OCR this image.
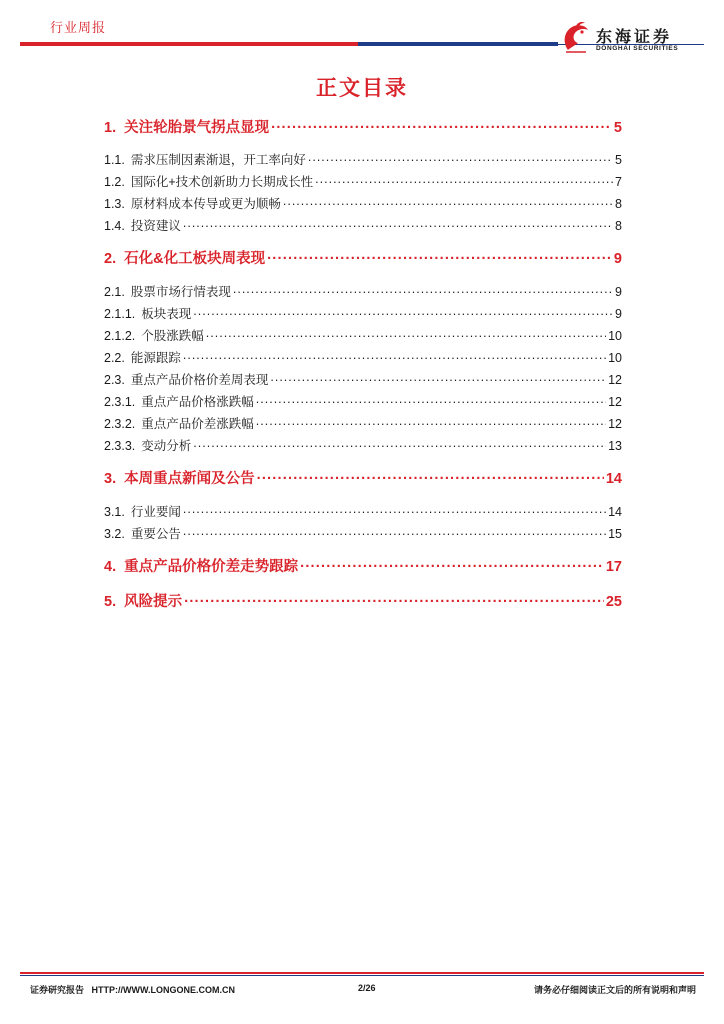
行业周报
东海证券
DONGHAI SECURITIES
正文目录
1. 关注轮胎景气拐点显现 .....	5
1.1. 需求压制因素渐退，开工率向好 .....	5
1.2. 国际化+技术创新助力长期成长性 .....	7
1.3. 原材料成本传导或更为顺畅 .....	8
1.4. 投资建议 .....	8
2. 石化&化工板块周表现 .....	9
2.1. 股票市场行情表现 .....	9
2.1.1. 板块表现 .....	9
2.1.2. 个股涨跌幅 .....	10
2.2. 能源跟踪 .....	10
2.3. 重点产品价格价差周表现 .....	12
2.3.1. 重点产品价格涨跌幅 .....	12
2.3.2. 重点产品价差涨跌幅 .....	12
2.3.3. 变动分析 .....	13
3. 本周重点新闻及公告 .....	14
3.1. 行业要闻 .....	14
3.2. 重要公告 .....	15
4. 重点产品价格价差走势跟踪 .....	17
5. 风险提示 .....	25
证券研究报告   HTTP://WWW.LONGONE.COM.CN	2/26	请务必仔细阅读正文后的所有说明和声明
